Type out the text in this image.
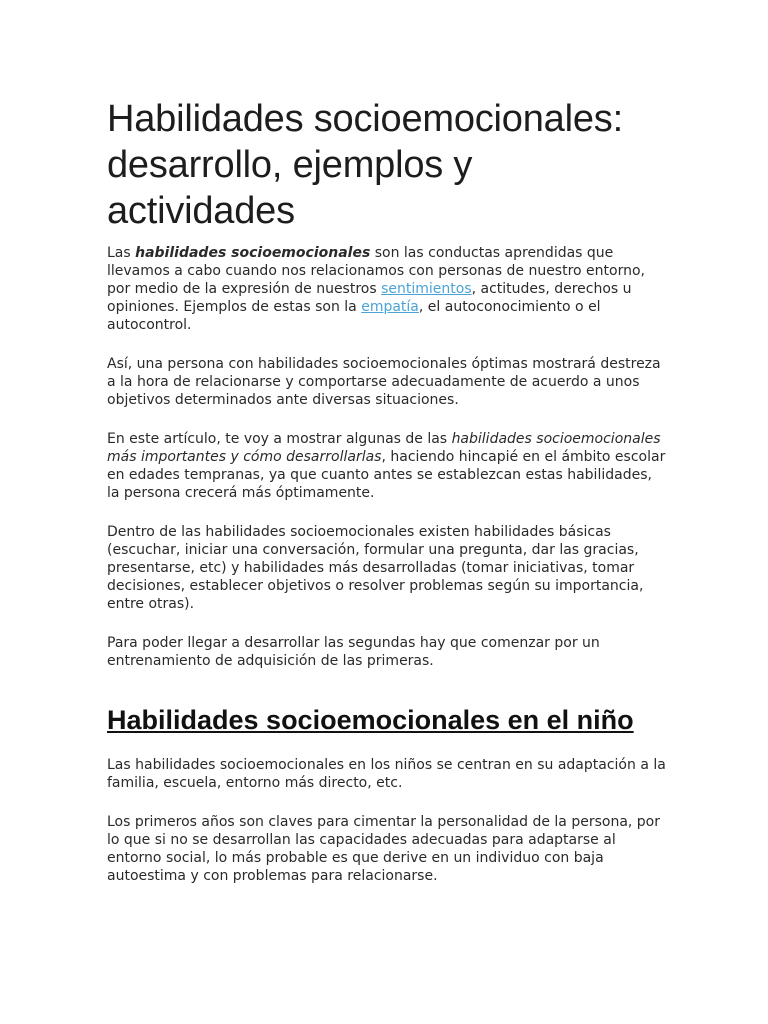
Habilidades socioemocionales: desarrollo, ejemplos y actividades

Las habilidades socioemocionales son las conductas aprendidas que llevamos a cabo cuando nos relacionamos con personas de nuestro entorno, por medio de la expresión de nuestros sentimientos, actitudes, derechos u opiniones. Ejemplos de estas son la empatía, el autoconocimiento o el autocontrol.

Así, una persona con habilidades socioemocionales óptimas mostrará destreza a la hora de relacionarse y comportarse adecuadamente de acuerdo a unos objetivos determinados ante diversas situaciones.

En este artículo, te voy a mostrar algunas de las habilidades socioemocionales más importantes y cómo desarrollarlas, haciendo hincapié en el ámbito escolar en edades tempranas, ya que cuanto antes se establezcan estas habilidades, la persona crecerá más óptimamente.

Dentro de las habilidades socioemocionales existen habilidades básicas (escuchar, iniciar una conversación, formular una pregunta, dar las gracias, presentarse, etc) y habilidades más desarrolladas (tomar iniciativas, tomar decisiones, establecer objetivos o resolver problemas según su importancia, entre otras).

Para poder llegar a desarrollar las segundas hay que comenzar por un entrenamiento de adquisición de las primeras.

Habilidades socioemocionales en el niño

Las habilidades socioemocionales en los niños se centran en su adaptación a la familia, escuela, entorno más directo, etc.

Los primeros años son claves para cimentar la personalidad de la persona, por lo que si no se desarrollan las capacidades adecuadas para adaptarse al entorno social, lo más probable es que derive en un individuo con baja autoestima y con problemas para relacionarse.
